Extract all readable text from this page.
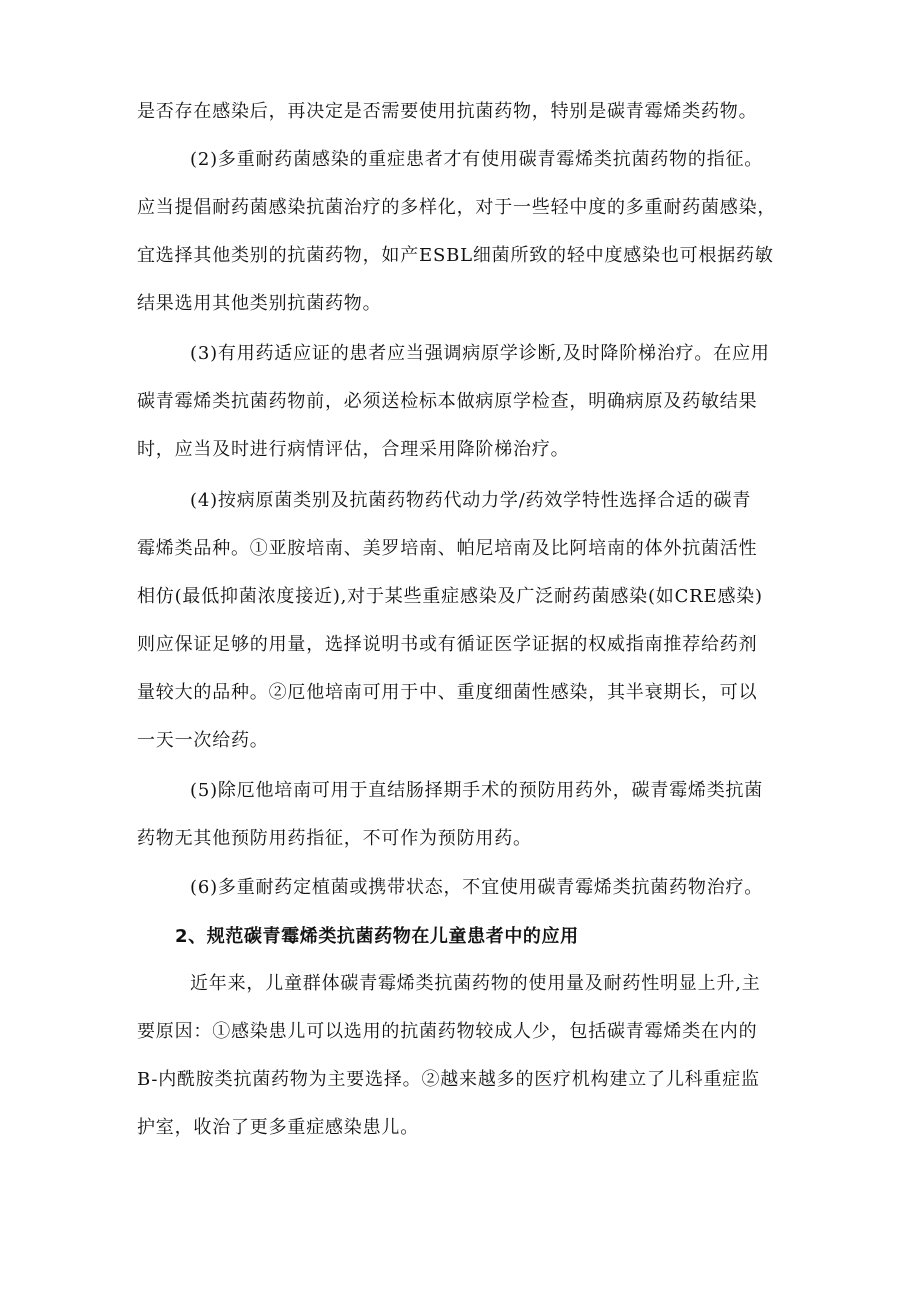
是否存在感染后，再决定是否需要使用抗菌药物，特别是碳青霉烯类药物。
(2)多重耐药菌感染的重症患者才有使用碳青霉烯类抗菌药物的指征。
应当提倡耐药菌感染抗菌治疗的多样化，对于一些轻中度的多重耐药菌感染，
宜选择其他类别的抗菌药物，如产ESBL细菌所致的轻中度感染也可根据药敏
结果选用其他类别抗菌药物。
(3)有用药适应证的患者应当强调病原学诊断,及时降阶梯治疗。在应用
碳青霉烯类抗菌药物前，必须送检标本做病原学检查，明确病原及药敏结果
时，应当及时进行病情评估，合理采用降阶梯治疗。
(4)按病原菌类别及抗菌药物药代动力学/药效学特性选择合适的碳青
霉烯类品种。①亚胺培南、美罗培南、帕尼培南及比阿培南的体外抗菌活性
相仿(最低抑菌浓度接近),对于某些重症感染及广泛耐药菌感染(如CRE感染)
则应保证足够的用量，选择说明书或有循证医学证据的权威指南推荐给药剂
量较大的品种。②厄他培南可用于中、重度细菌性感染，其半衰期长，可以
一天一次给药。
(5)除厄他培南可用于直结肠择期手术的预防用药外，碳青霉烯类抗菌
药物无其他预防用药指征，不可作为预防用药。
(6)多重耐药定植菌或携带状态，不宜使用碳青霉烯类抗菌药物治疗。
2、规范碳青霉烯类抗菌药物在儿童患者中的应用
近年来，儿童群体碳青霉烯类抗菌药物的使用量及耐药性明显上升,主
要原因：①感染患儿可以选用的抗菌药物较成人少，包括碳青霉烯类在内的
B-内酰胺类抗菌药物为主要选择。②越来越多的医疗机构建立了儿科重症监
护室，收治了更多重症感染患儿。
